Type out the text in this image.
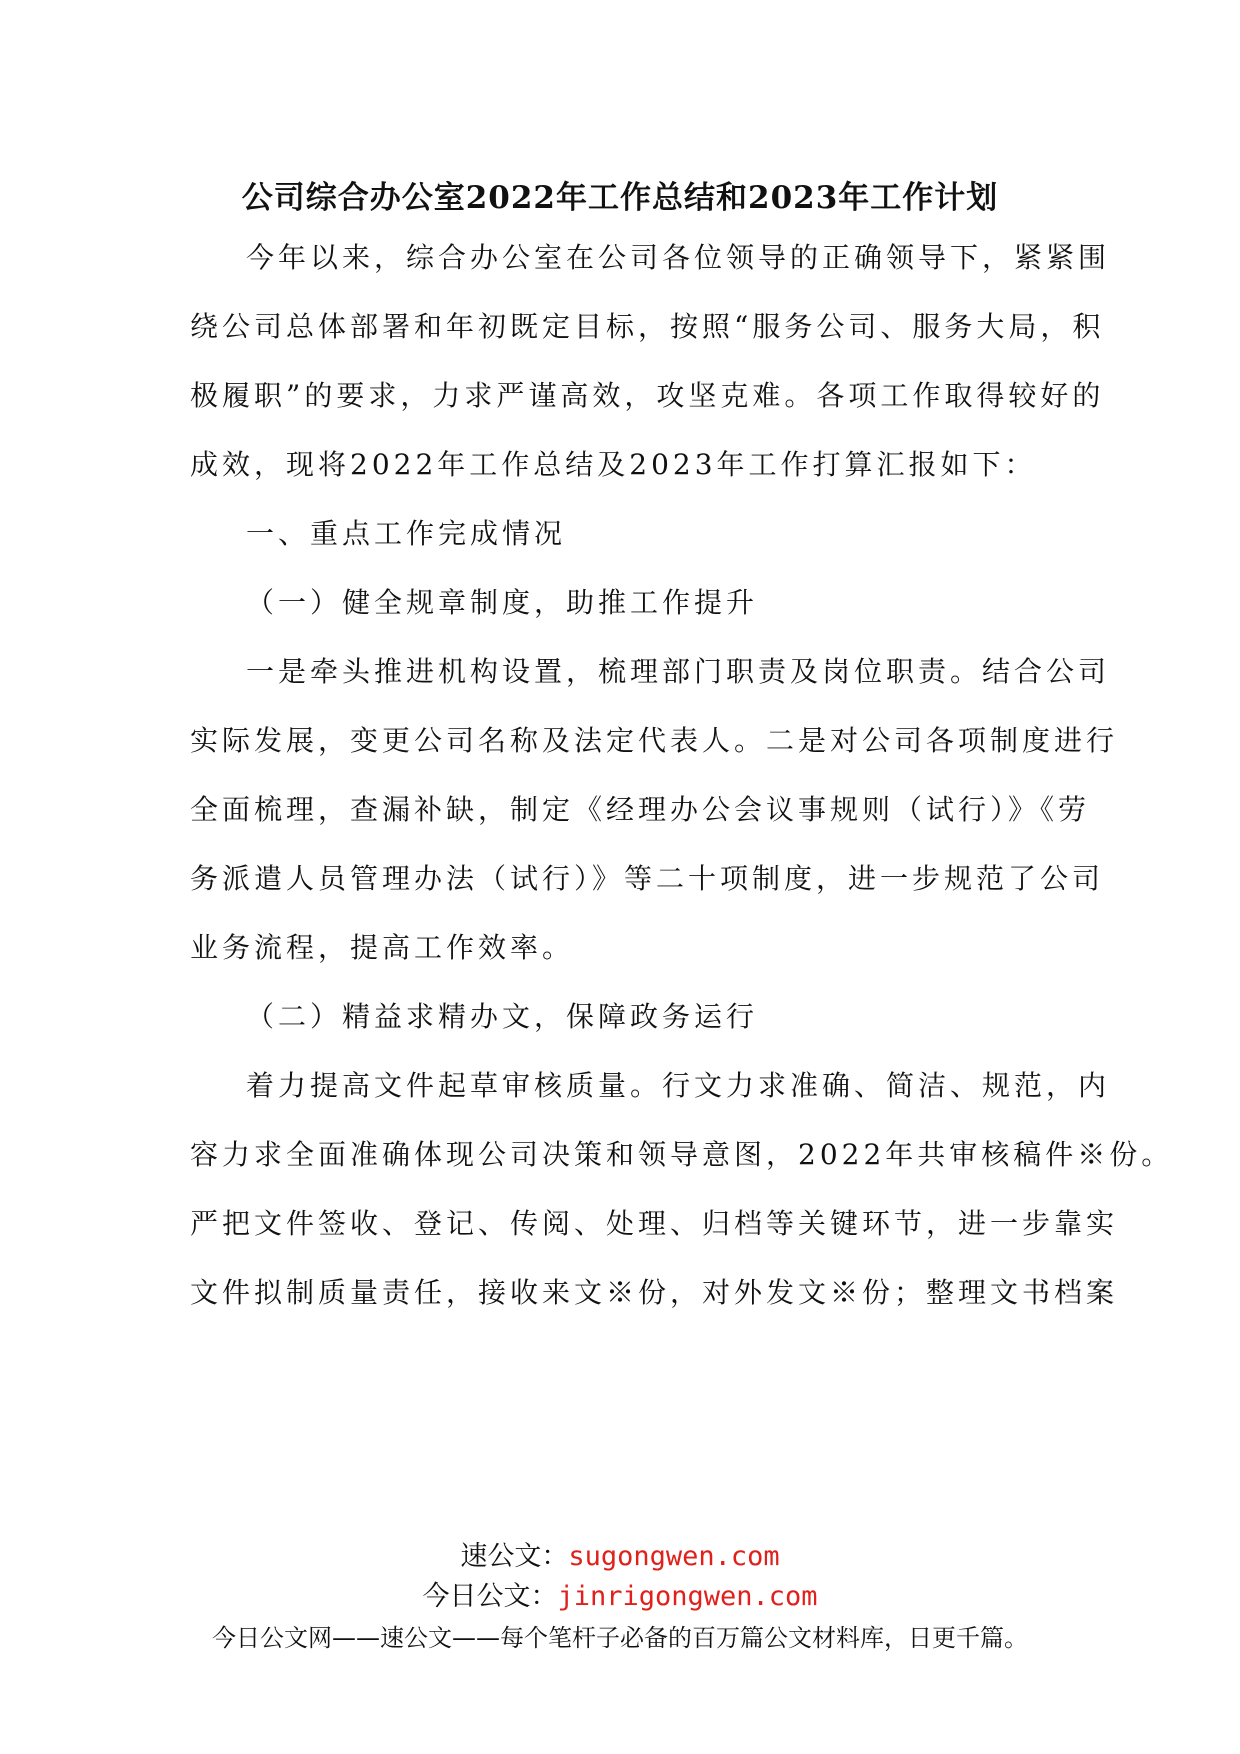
公司综合办公室2022年工作总结和2023年工作计划
今年以来，综合办公室在公司各位领导的正确领导下，紧紧围
绕公司总体部署和年初既定目标，按照“服务公司、服务大局，积
极履职”的要求，力求严谨高效，攻坚克难。各项工作取得较好的
成效，现将2022年工作总结及2023年工作打算汇报如下：
一、重点工作完成情况
（一）健全规章制度，助推工作提升
一是牵头推进机构设置，梳理部门职责及岗位职责。结合公司
实际发展，变更公司名称及法定代表人。二是对公司各项制度进行
全面梳理，查漏补缺，制定《经理办公会议事规则（试行）》《劳
务派遣人员管理办法（试行）》等二十项制度，进一步规范了公司
业务流程，提高工作效率。
（二）精益求精办文，保障政务运行
着力提高文件起草审核质量。行文力求准确、简洁、规范，内
容力求全面准确体现公司决策和领导意图，2022年共审核稿件※份。
严把文件签收、登记、传阅、处理、归档等关键环节，进一步靠实
文件拟制质量责任，接收来文※份，对外发文※份；整理文书档案
速公文：sugongwen.com
今日公文：jinrigongwen.com
今日公文网——速公文——每个笔杆子必备的百万篇公文材料库，日更千篇。
